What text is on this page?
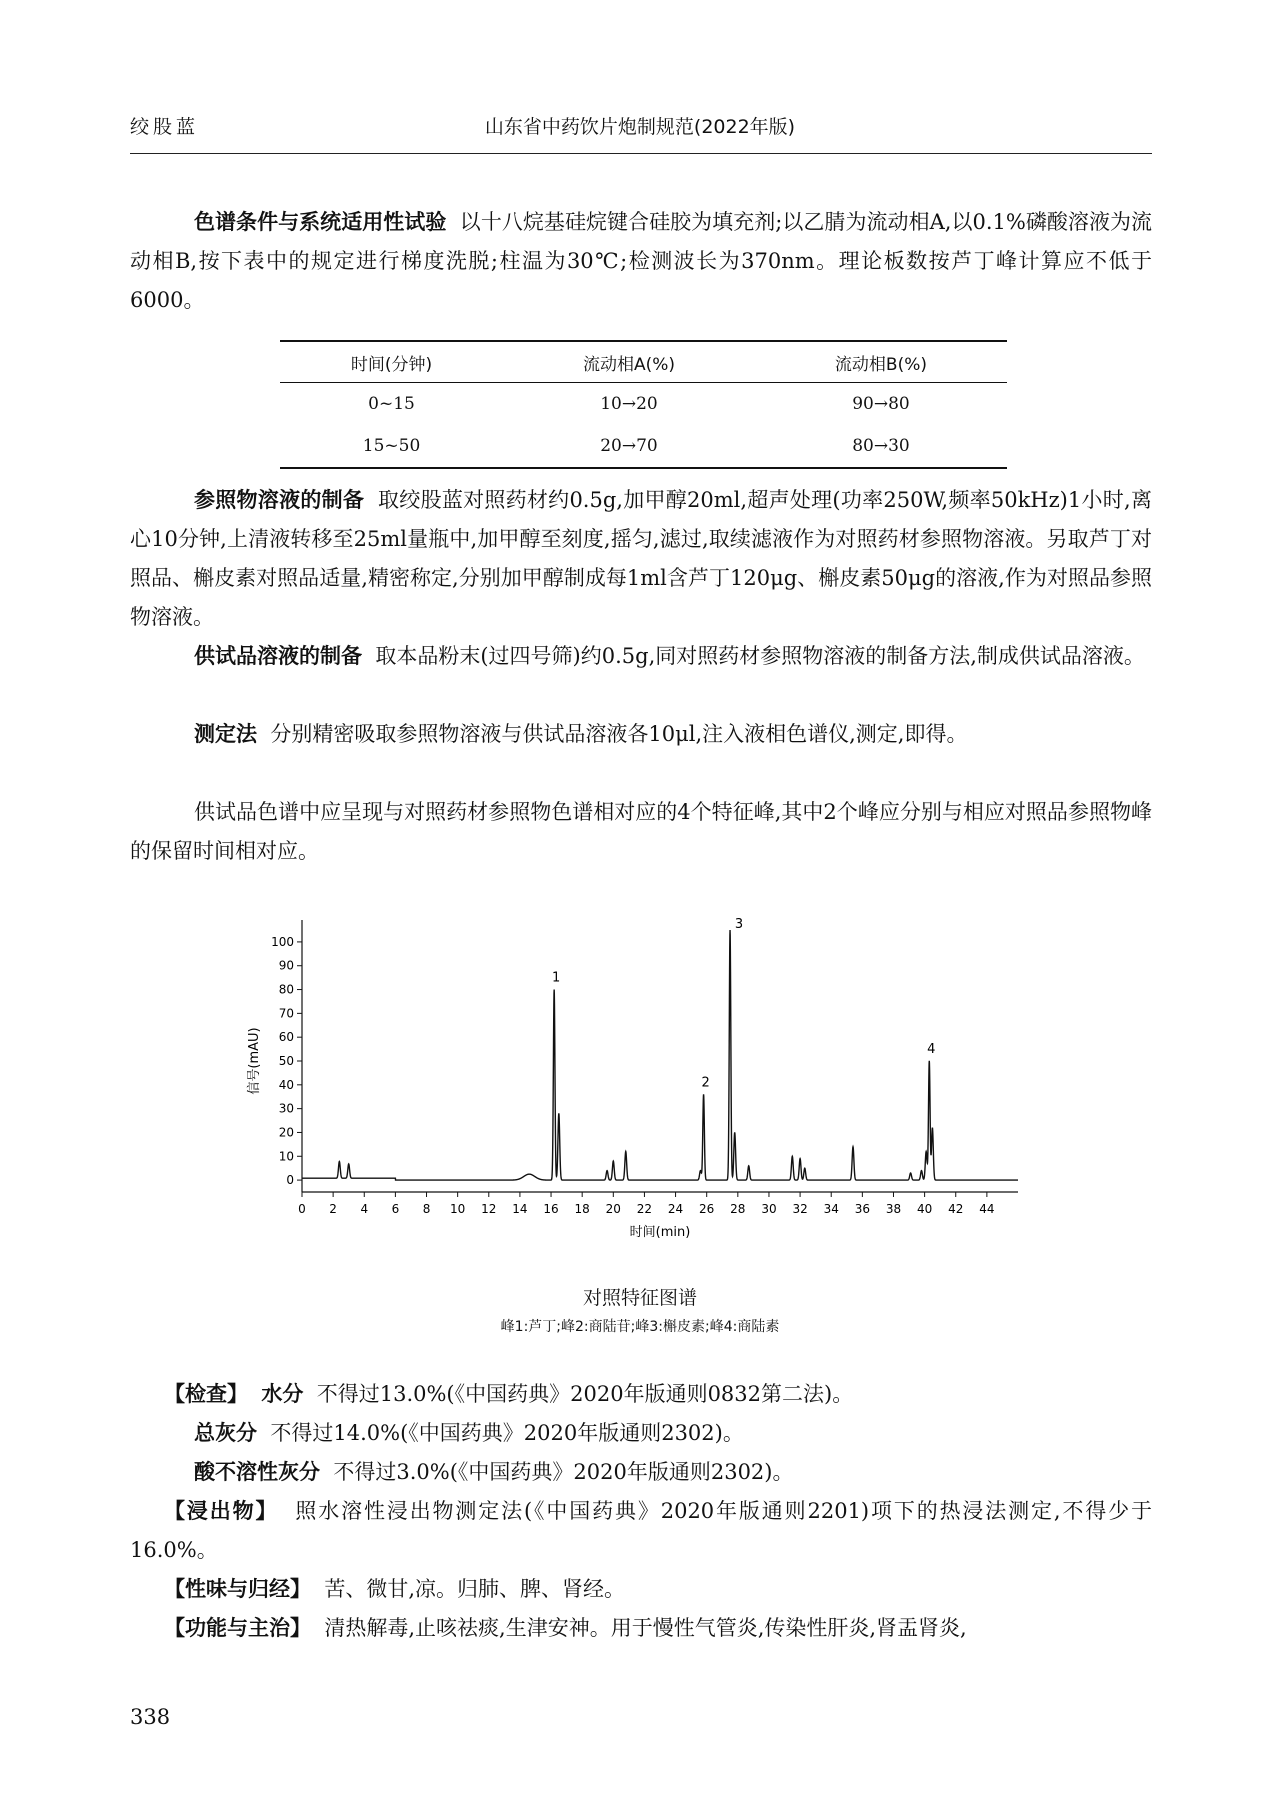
绞股蓝	山东省中药饮片炮制规范(2022年版)
色谱条件与系统适用性试验 以十八烷基硅烷键合硅胶为填充剂;以乙腈为流动相A,以0.1%磷酸溶液为流动相B,按下表中的规定进行梯度洗脱;柱温为30℃;检测波长为370nm。理论板数按芦丁峰计算应不低于6000。
时间(分钟)	流动相A(%)	流动相B(%)
0~15	10→20	90→80
15~50	20→70	80→30
参照物溶液的制备 取绞股蓝对照药材约0.5g,加甲醇20ml,超声处理(功率250W,频率50kHz)1小时,离心10分钟,上清液转移至25ml量瓶中,加甲醇至刻度,摇匀,滤过,取续滤液作为对照药材参照物溶液。另取芦丁对照品、槲皮素对照品适量,精密称定,分别加甲醇制成每1ml含芦丁120μg、槲皮素50μg的溶液,作为对照品参照物溶液。
供试品溶液的制备 取本品粉末(过四号筛)约0.5g,同对照药材参照物溶液的制备方法,制成供试品溶液。
测定法 分别精密吸取参照物溶液与供试品溶液各10μl,注入液相色谱仪,测定,即得。
供试品色谱中应呈现与对照药材参照物色谱相对应的4个特征峰,其中2个峰应分别与相应对照品参照物峰的保留时间相对应。
0 2 4 6 8 10 12 14 16 18 20 22 24 26 28 30 32 34 36 38 40 42 44
0
10
20
30
40
50
60
70
80
90
100
1
2
3
4
时间(min)
信号(mAU)
对照特征图谱
峰1:芦丁;峰2:商陆苷;峰3:槲皮素;峰4:商陆素
【检查】 水分 不得过13.0%(《中国药典》2020年版通则0832第二法)。
总灰分 不得过14.0%(《中国药典》2020年版通则2302)。
酸不溶性灰分 不得过3.0%(《中国药典》2020年版通则2302)。
【浸出物】 照水溶性浸出物测定法(《中国药典》2020年版通则2201)项下的热浸法测定,不得少于16.0%。
【性味与归经】 苦、微甘,凉。归肺、脾、肾经。
【功能与主治】 清热解毒,止咳祛痰,生津安神。用于慢性气管炎,传染性肝炎,肾盂肾炎,
338
